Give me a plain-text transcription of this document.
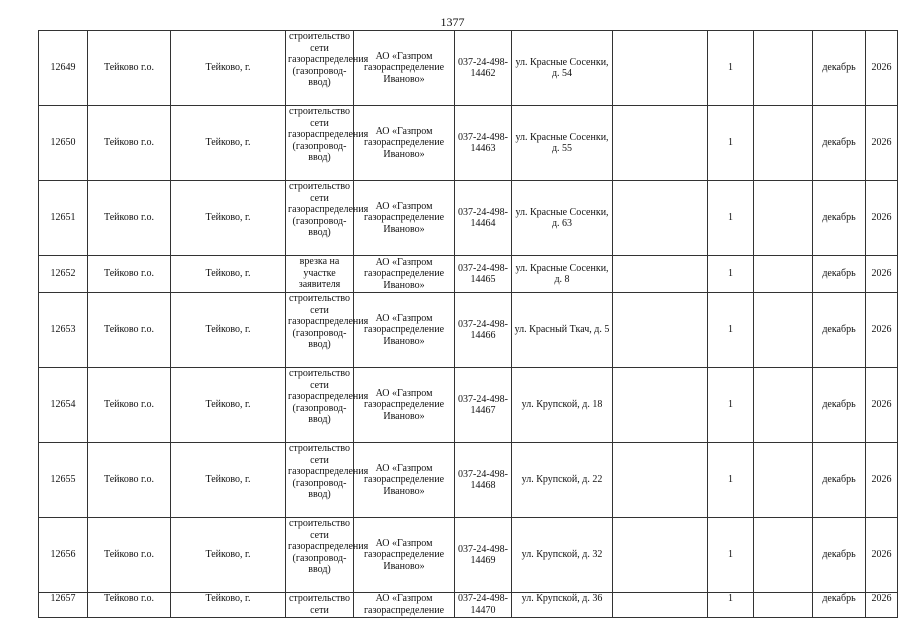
1377
12649	Тейково г.о.	Тейково, г.	строительство сети газораспределения (газопровод-ввод)	АО «Газпром газораспределение Иваново»	037-24-498-14462	ул. Красные Сосенки, д. 54		1		декабрь	2026
12650	Тейково г.о.	Тейково, г.	строительство сети газораспределения (газопровод-ввод)	АО «Газпром газораспределение Иваново»	037-24-498-14463	ул. Красные Сосенки, д. 55		1		декабрь	2026
12651	Тейково г.о.	Тейково, г.	строительство сети газораспределения (газопровод-ввод)	АО «Газпром газораспределение Иваново»	037-24-498-14464	ул. Красные Сосенки, д. 63		1		декабрь	2026
12652	Тейково г.о.	Тейково, г.	врезка на участке заявителя	АО «Газпром газораспределение Иваново»	037-24-498-14465	ул. Красные Сосенки, д. 8		1		декабрь	2026
12653	Тейково г.о.	Тейково, г.	строительство сети газораспределения (газопровод-ввод)	АО «Газпром газораспределение Иваново»	037-24-498-14466	ул. Красный Ткач, д. 5		1		декабрь	2026
12654	Тейково г.о.	Тейково, г.	строительство сети газораспределения (газопровод-ввод)	АО «Газпром газораспределение Иваново»	037-24-498-14467	ул. Крупской, д. 18		1		декабрь	2026
12655	Тейково г.о.	Тейково, г.	строительство сети газораспределения (газопровод-ввод)	АО «Газпром газораспределение Иваново»	037-24-498-14468	ул. Крупской, д. 22		1		декабрь	2026
12656	Тейково г.о.	Тейково, г.	строительство сети газораспределения (газопровод-ввод)	АО «Газпром газораспределение Иваново»	037-24-498-14469	ул. Крупской, д. 32		1		декабрь	2026
12657	Тейково г.о.	Тейково, г.	строительство сети	АО «Газпром газораспределение	037-24-498-14470	ул. Крупской, д. 36		1		декабрь	2026
